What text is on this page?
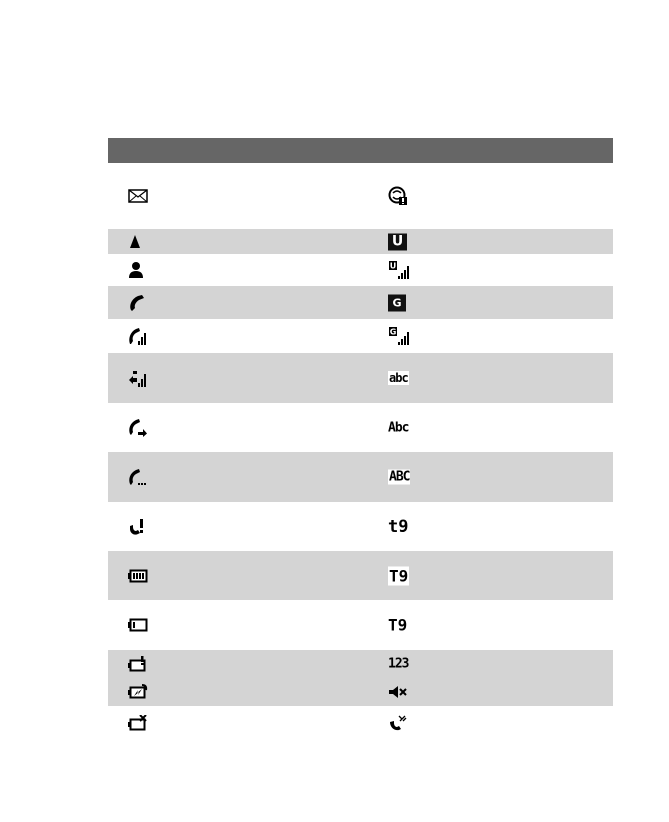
U
U
G
G
abc
Abc
ABC
t9
T9
T9
123
